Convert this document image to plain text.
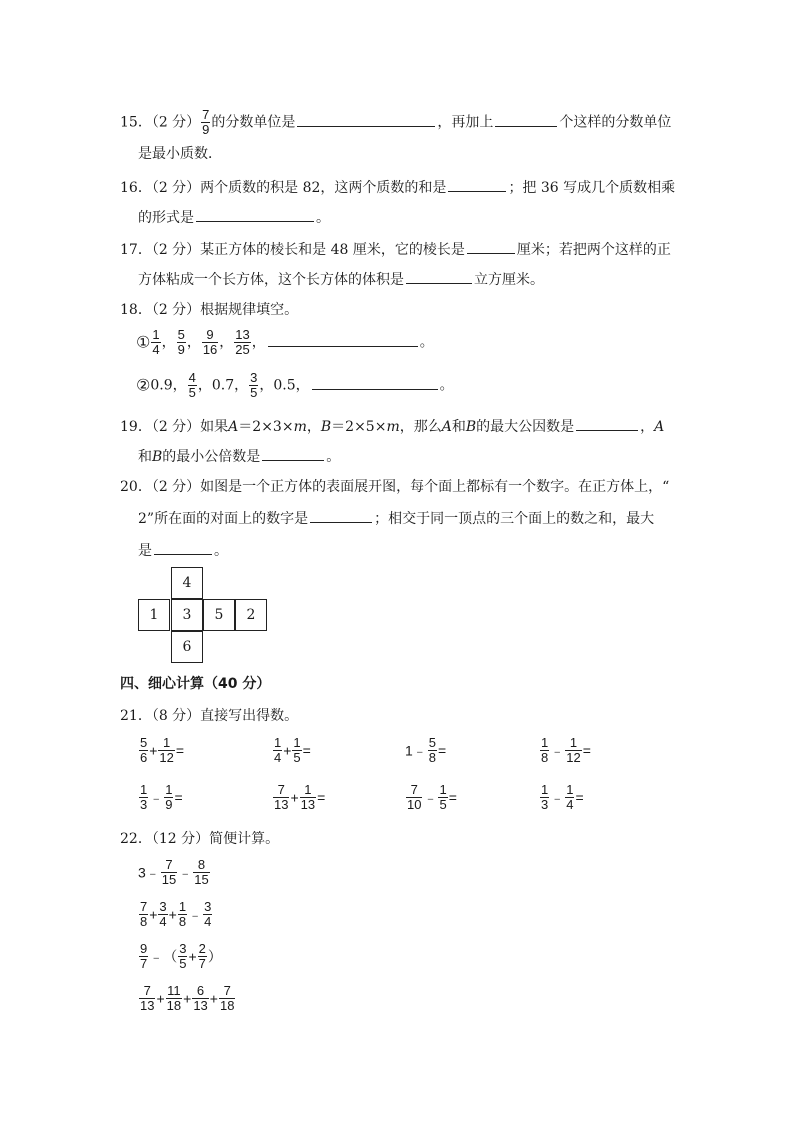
15．（2 分） $\frac{7}{9}$ 的分数单位是	，再加上	个这样的分数单位
是最小质数．
16．（2 分）两个质数的积是 82，这两个质数的和是	；把 36 写成几个质数相乘
的形式是	。
17．（2 分）某正方体的棱长和是 48 厘米，它的棱长是	厘米；若把两个这样的正
方体粘成一个长方体，这个长方体的体积是	立方厘米。
18．（2 分）根据规律填空。
① $\frac{1}{4}$ ， $\frac{5}{9}$ ， $\frac{9}{16}$ ， $\frac{13}{25}$ ，	。
②0.9， $\frac{4}{5}$ ，0.7， $\frac{3}{5}$ ，0.5，	。
19．（2 分）如果A＝2×3×m，B＝2×5×m，那么A和B的最大公因数是	，A
和B的最小公倍数是	。
20．（2 分）如图是一个正方体的表面展开图，每个面上都标有一个数字。在正方体上，“
2”所在面的对面上的数字是	；相交于同一顶点的三个面上的数之和，最大
是	。
4
1	3	5	2
6
四、细心计算（40 分）
21．（8 分）直接写出得数。
$\frac{5}{6} + \frac{1}{12}$ =	$\frac{1}{4} + \frac{1}{5}$ =	1﹣ $\frac{5}{8}$ =	$\frac{1}{8}$ ﹣ $\frac{1}{12}$ =
$\frac{1}{3}$ ﹣ $\frac{1}{9}$ =	$\frac{7}{13} + \frac{1}{13}$ =	$\frac{7}{10}$ ﹣ $\frac{1}{5}$ =	$\frac{1}{3}$ ﹣ $\frac{1}{4}$ =
22．（12 分）简便计算。
3﹣ $\frac{7}{15}$ ﹣ $\frac{8}{15}$
$\frac{7}{8} + \frac{3}{4} + \frac{1}{8}$ ﹣ $\frac{3}{4}$
$\frac{9}{7}$ ﹣（ $\frac{3}{5} + \frac{2}{7}$ ）
$\frac{7}{13} + \frac{11}{18} + \frac{6}{13} + \frac{7}{18}$
